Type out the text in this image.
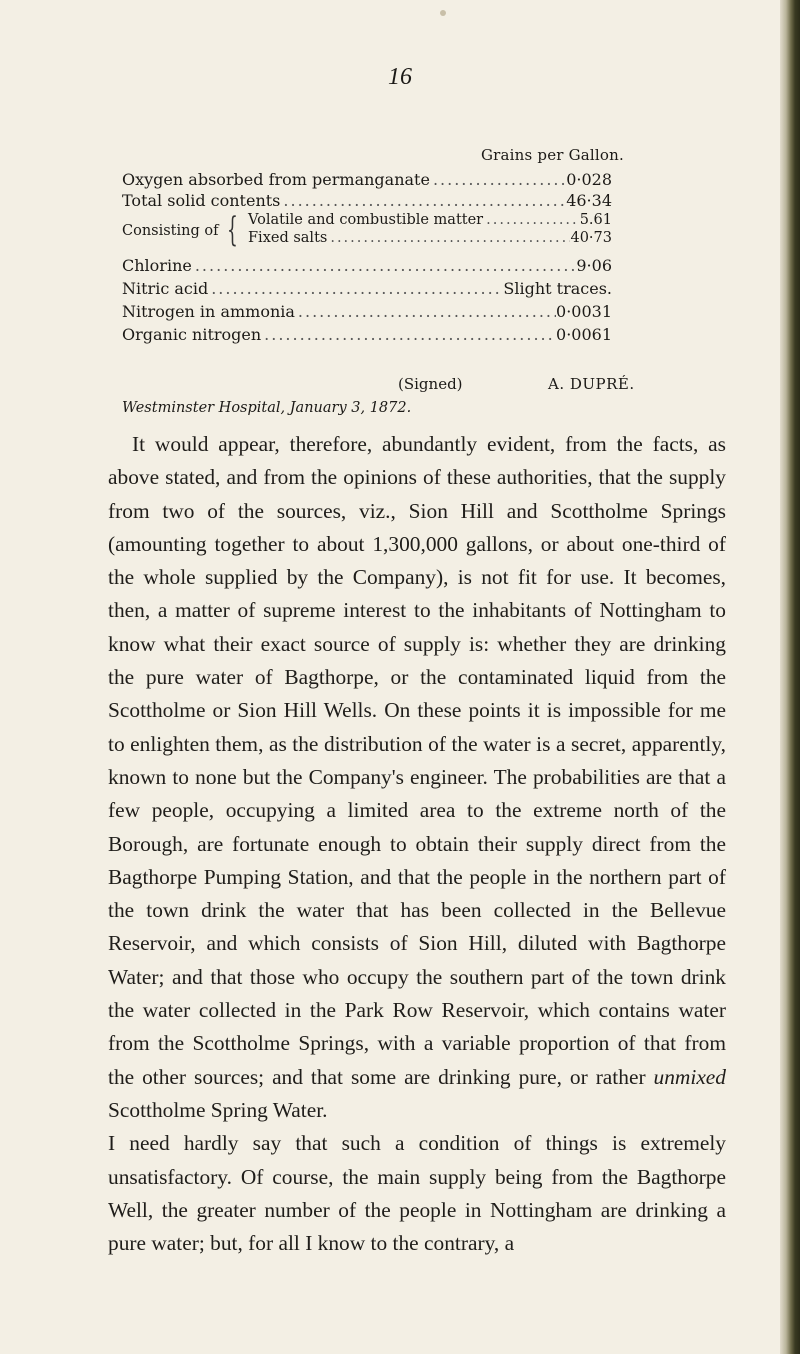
16
Grains per Gallon.
Oxygen absorbed from permanganate .....	0·028
Total solid contents .....	46·34
Consisting of { Volatile and combustible matter .....	5.61
Fixed salts .....	40·73
Chlorine .....	9·06
Nitric acid .....	Slight traces.
Nitrogen in ammonia .....	0·0031
Organic nitrogen .....	0·0061
(Signed)	A. DUPRÉ.
Westminster Hospital, January 3, 1872.

It would appear, therefore, abundantly evident, from the facts, as above stated, and from the opinions of these authorities, that the supply from two of the sources, viz., Sion Hill and Scottholme Springs (amounting together to about 1,300,000 gallons, or about one-third of the whole supplied by the Company), is not fit for use. It becomes, then, a matter of supreme interest to the inhabitants of Nottingham to know what their exact source of supply is: whether they are drinking the pure water of Bagthorpe, or the contaminated liquid from the Scottholme or Sion Hill Wells. On these points it is impossible for me to enlighten them, as the distribution of the water is a secret, apparently, known to none but the Company's engineer. The probabilities are that a few people, occupying a limited area to the extreme north of the Borough, are fortunate enough to obtain their supply direct from the Bagthorpe Pumping Station, and that the people in the northern part of the town drink the water that has been collected in the Bellevue Reservoir, and which consists of Sion Hill, diluted with Bagthorpe Water; and that those who occupy the southern part of the town drink the water collected in the Park Row Reservoir, which contains water from the Scottholme Springs, with a variable proportion of that from the other sources; and that some are drinking pure, or rather unmixed Scottholme Spring Water.

I need hardly say that such a condition of things is extremely unsatisfactory. Of course, the main supply being from the Bagthorpe Well, the greater number of the people in Nottingham are drinking a pure water; but, for all I know to the contrary, a
